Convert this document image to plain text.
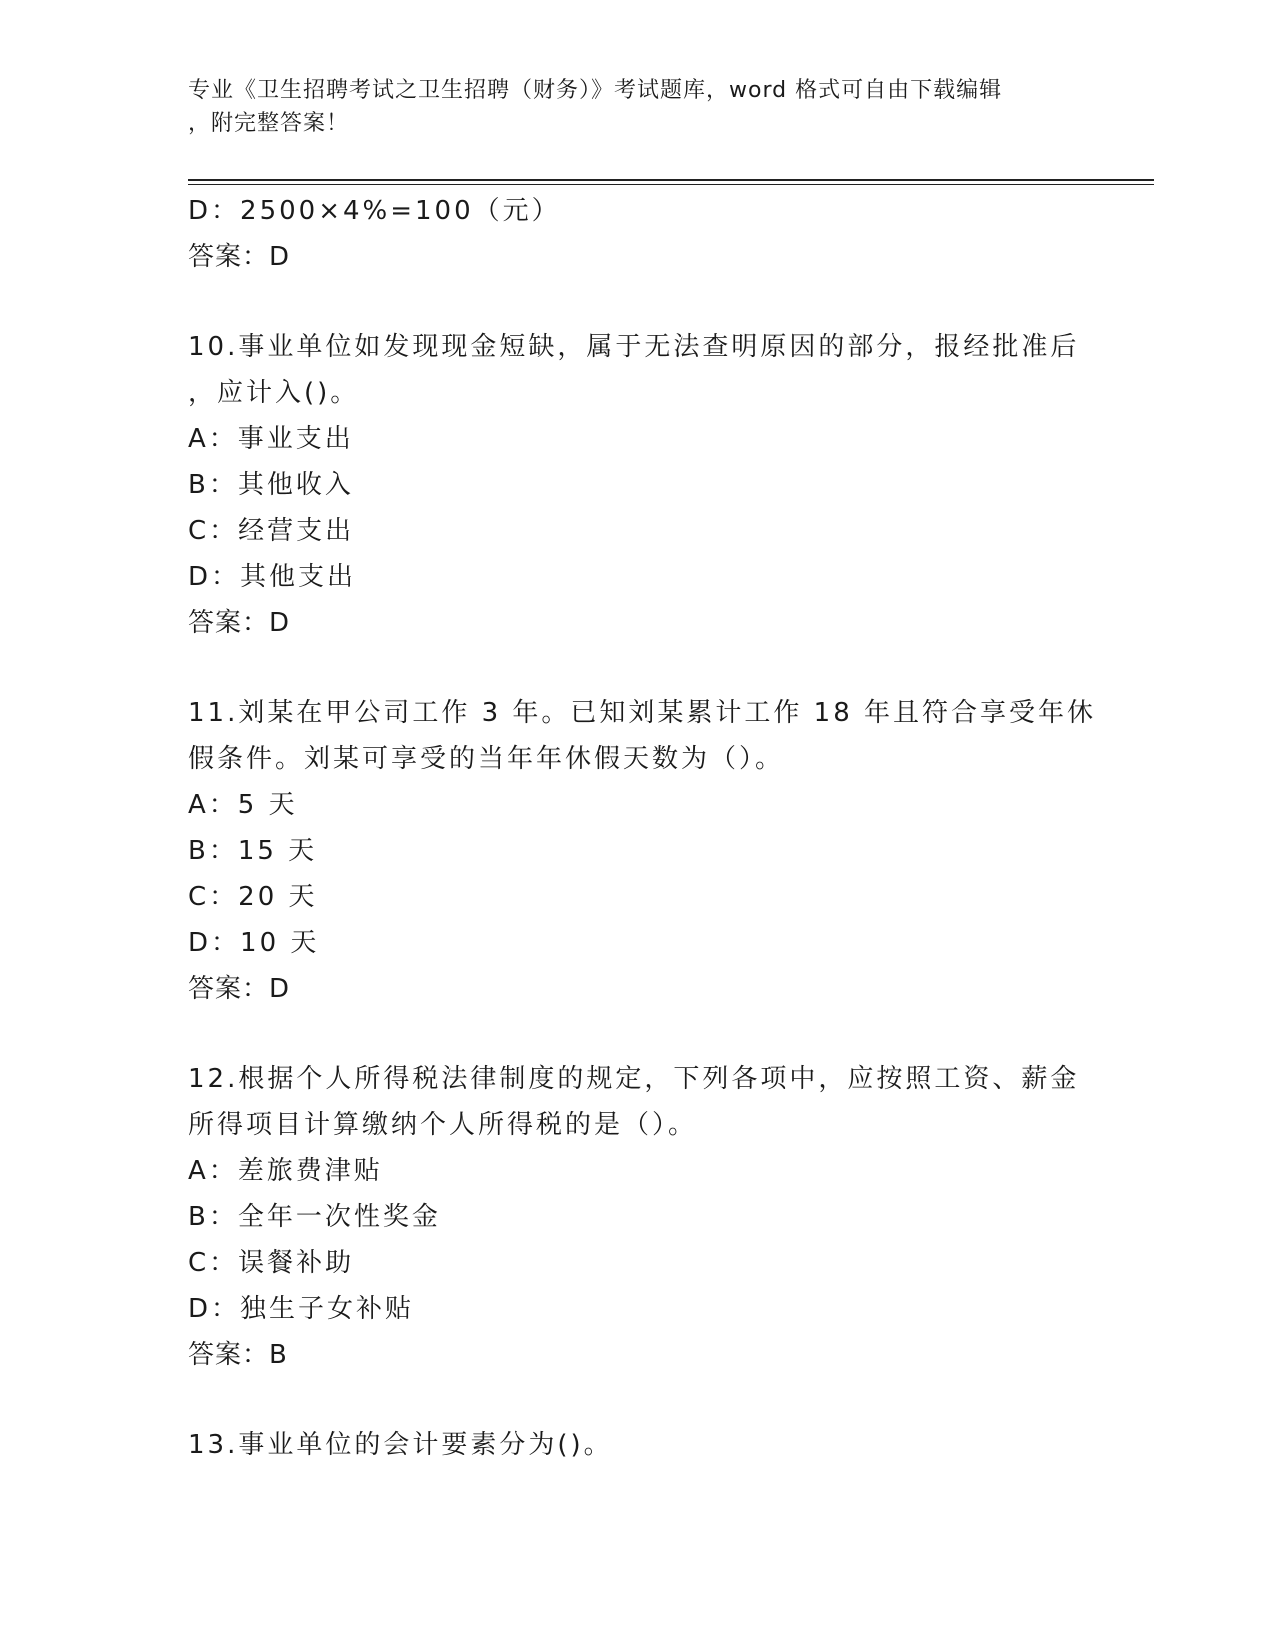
专业《卫生招聘考试之卫生招聘（财务）》考试题库，word 格式可自由下载编辑
，附完整答案！
D：2500×4%=100（元）
答案：D
10.事业单位如发现现金短缺，属于无法查明原因的部分，报经批准后
，应计入()。
A：事业支出
B：其他收入
C：经营支出
D：其他支出
答案：D
11.刘某在甲公司工作 3 年。已知刘某累计工作 18 年且符合享受年休
假条件。刘某可享受的当年年休假天数为（）。
A：5 天
B：15 天
C：20 天
D：10 天
答案：D
12.根据个人所得税法律制度的规定，下列各项中，应按照工资、薪金
所得项目计算缴纳个人所得税的是（）。
A：差旅费津贴
B：全年一次性奖金
C：误餐补助
D：独生子女补贴
答案：B
13.事业单位的会计要素分为()。
